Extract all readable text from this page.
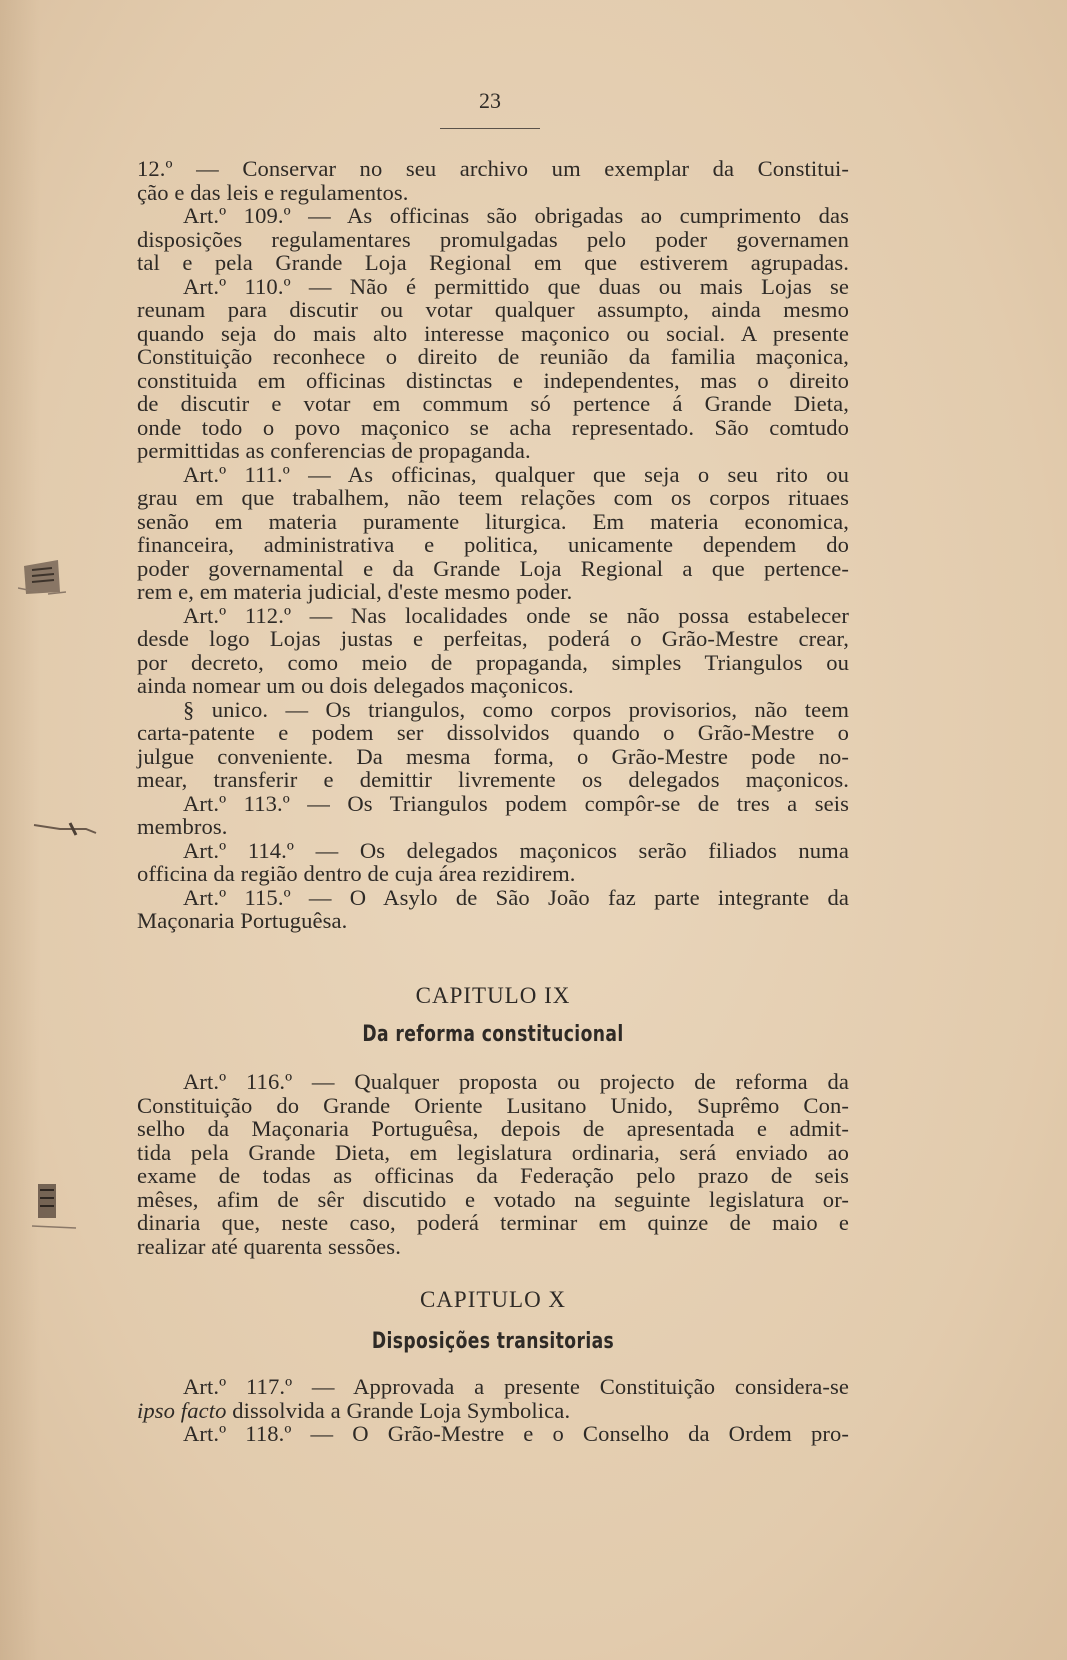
23
12.º — Conservar no seu archivo um exemplar da Constitui-
ção e das leis e regulamentos.
Art.º 109.º — As officinas são obrigadas ao cumprimento das
disposições regulamentares promulgadas pelo poder governamen
tal e pela Grande Loja Regional em que estiverem agrupadas.
Art.º 110.º — Não é permittido que duas ou mais Lojas se
reunam para discutir ou votar qualquer assumpto, ainda mesmo
quando seja do mais alto interesse maçonico ou social. A presente
Constituição reconhece o direito de reunião da familia maçonica,
constituida em officinas distinctas e independentes, mas o direito
de discutir e votar em commum só pertence á Grande Dieta,
onde todo o povo maçonico se acha representado. São comtudo
permittidas as conferencias de propaganda.
Art.º 111.º — As officinas, qualquer que seja o seu rito ou
grau em que trabalhem, não teem relações com os corpos rituaes
senão em materia puramente liturgica. Em materia economica,
financeira, administrativa e politica, unicamente dependem do
poder governamental e da Grande Loja Regional a que pertence-
rem e, em materia judicial, d'este mesmo poder.
Art.º 112.º — Nas localidades onde se não possa estabelecer
desde logo Lojas justas e perfeitas, poderá o Grão-Mestre crear,
por decreto, como meio de propaganda, simples Triangulos ou
ainda nomear um ou dois delegados maçonicos.
§ unico. — Os triangulos, como corpos provisorios, não teem
carta-patente e podem ser dissolvidos quando o Grão-Mestre o
julgue conveniente. Da mesma forma, o Grão-Mestre pode no-
mear, transferir e demittir livremente os delegados maçonicos.
Art.º 113.º — Os Triangulos podem compôr-se de tres a seis
membros.
Art.º 114.º — Os delegados maçonicos serão filiados numa
officina da região dentro de cuja área rezidirem.
Art.º 115.º — O Asylo de São João faz parte integrante da
Maçonaria Portuguêsa.
CAPITULO IX
Da reforma constitucional
Art.º 116.º — Qualquer proposta ou projecto de reforma da
Constituição do Grande Oriente Lusitano Unido, Suprêmo Con-
selho da Maçonaria Portuguêsa, depois de apresentada e admit-
tida pela Grande Dieta, em legislatura ordinaria, será enviado ao
exame de todas as officinas da Federação pelo prazo de seis
mêses, afim de sêr discutido e votado na seguinte legislatura or-
dinaria que, neste caso, poderá terminar em quinze de maio e
realizar até quarenta sessões.
CAPITULO X
Disposições transitorias
Art.º 117.º — Approvada a presente Constituição considera-se
ipso facto dissolvida a Grande Loja Symbolica.
Art.º 118.º — O Grão-Mestre e o Conselho da Ordem pro-
